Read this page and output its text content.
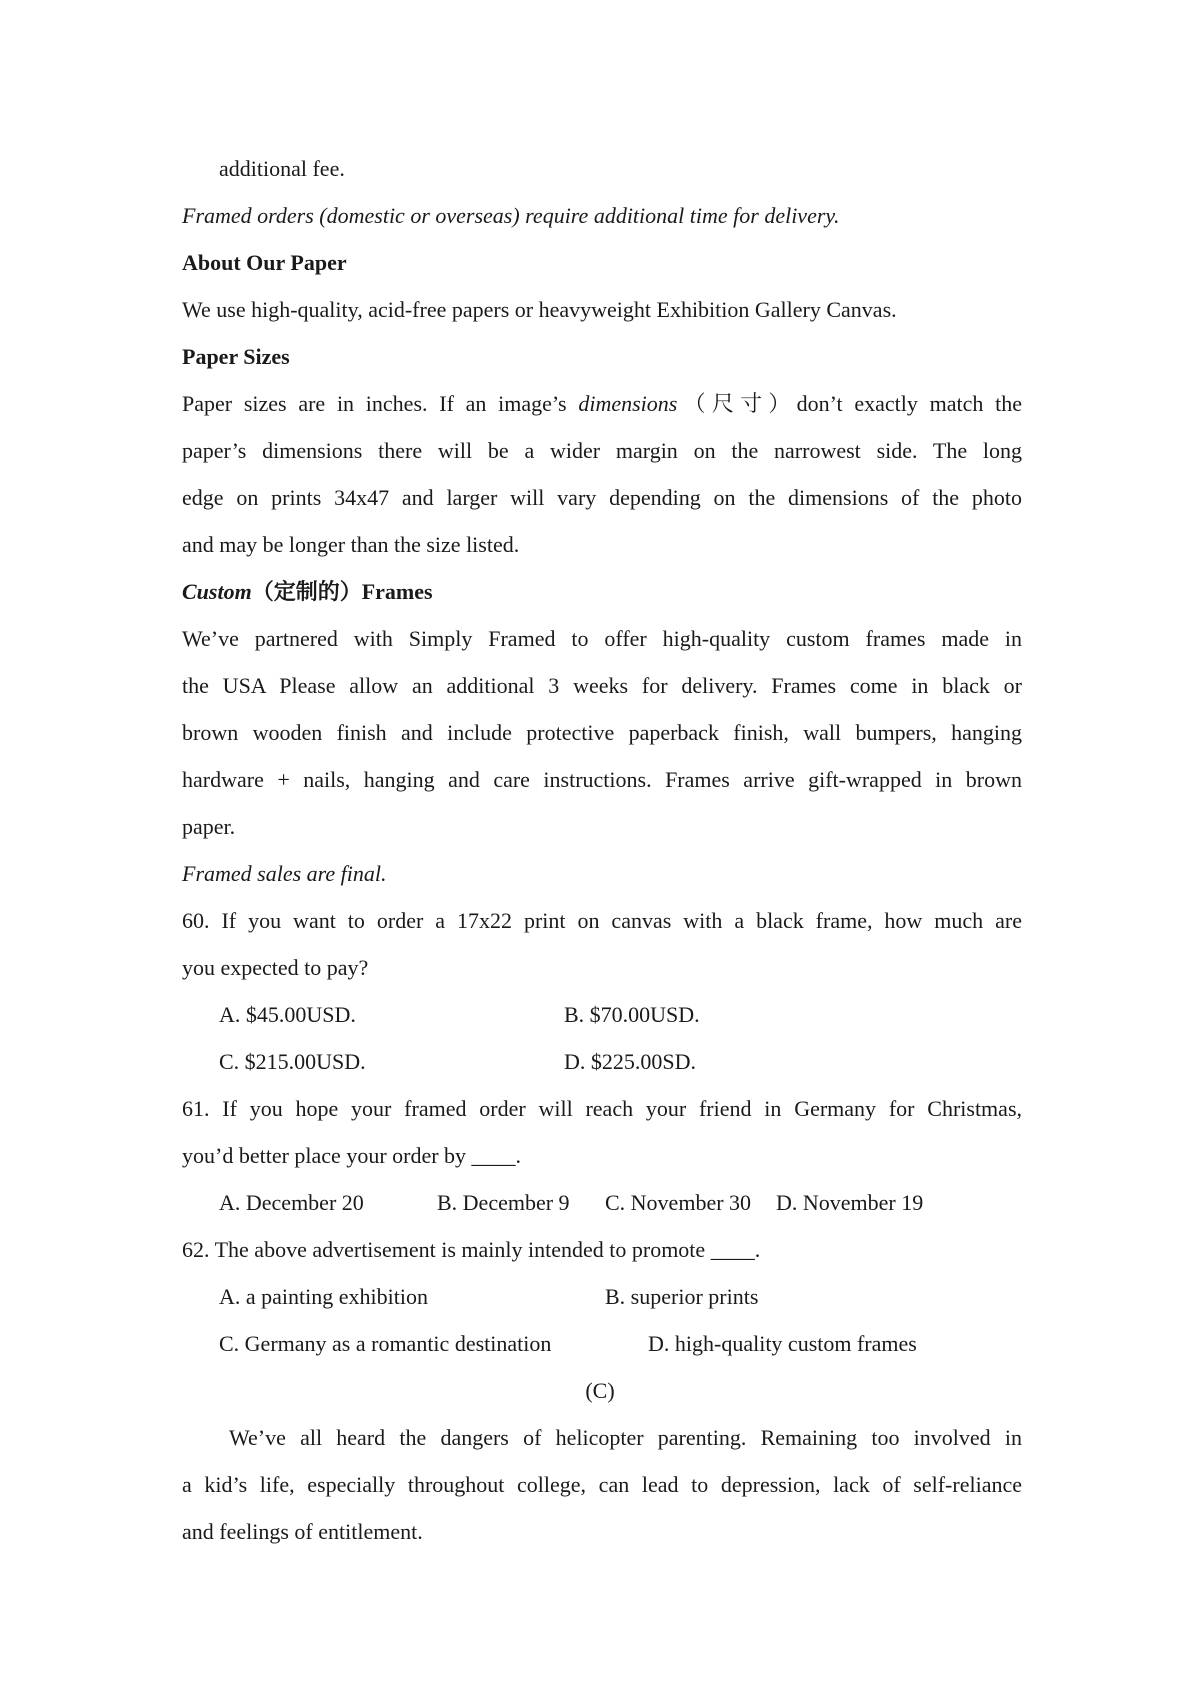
additional fee.
Framed orders (domestic or overseas) require additional time for delivery.
About Our Paper
We use high-quality, acid-free papers or heavyweight Exhibition Gallery Canvas.
Paper Sizes
Paper sizes are in inches. If an image’s dimensions（尺寸）don’t exactly match the
paper’s dimensions there will be a wider margin on the narrowest side. The long
edge on prints 34x47 and larger will vary depending on the dimensions of the photo
and may be longer than the size listed.
Custom（定制的）Frames
We’ve partnered with Simply Framed to offer high-quality custom frames made in
the USA Please allow an additional 3 weeks for delivery. Frames come in black or
brown wooden finish and include protective paperback finish, wall bumpers, hanging
hardware + nails, hanging and care instructions. Frames arrive gift-wrapped in brown
paper.
Framed sales are final.
60. If you want to order a 17x22 print on canvas with a black frame, how much are
you expected to pay?
A. $45.00USD.	B. $70.00USD.
C. $215.00USD.	D. $225.00SD.
61. If you hope your framed order will reach your friend in Germany for Christmas,
you’d better place your order by ____.
A. December 20	B. December 9 C. November 30 D. November 19
62. The above advertisement is mainly intended to promote ____.
A. a painting exhibition	B. superior prints
C. Germany as a romantic destination	D. high-quality custom frames
(C)
We’ve all heard the dangers of helicopter parenting. Remaining too involved in
a kid’s life, especially throughout college, can lead to depression, lack of self-reliance
and feelings of entitlement.
